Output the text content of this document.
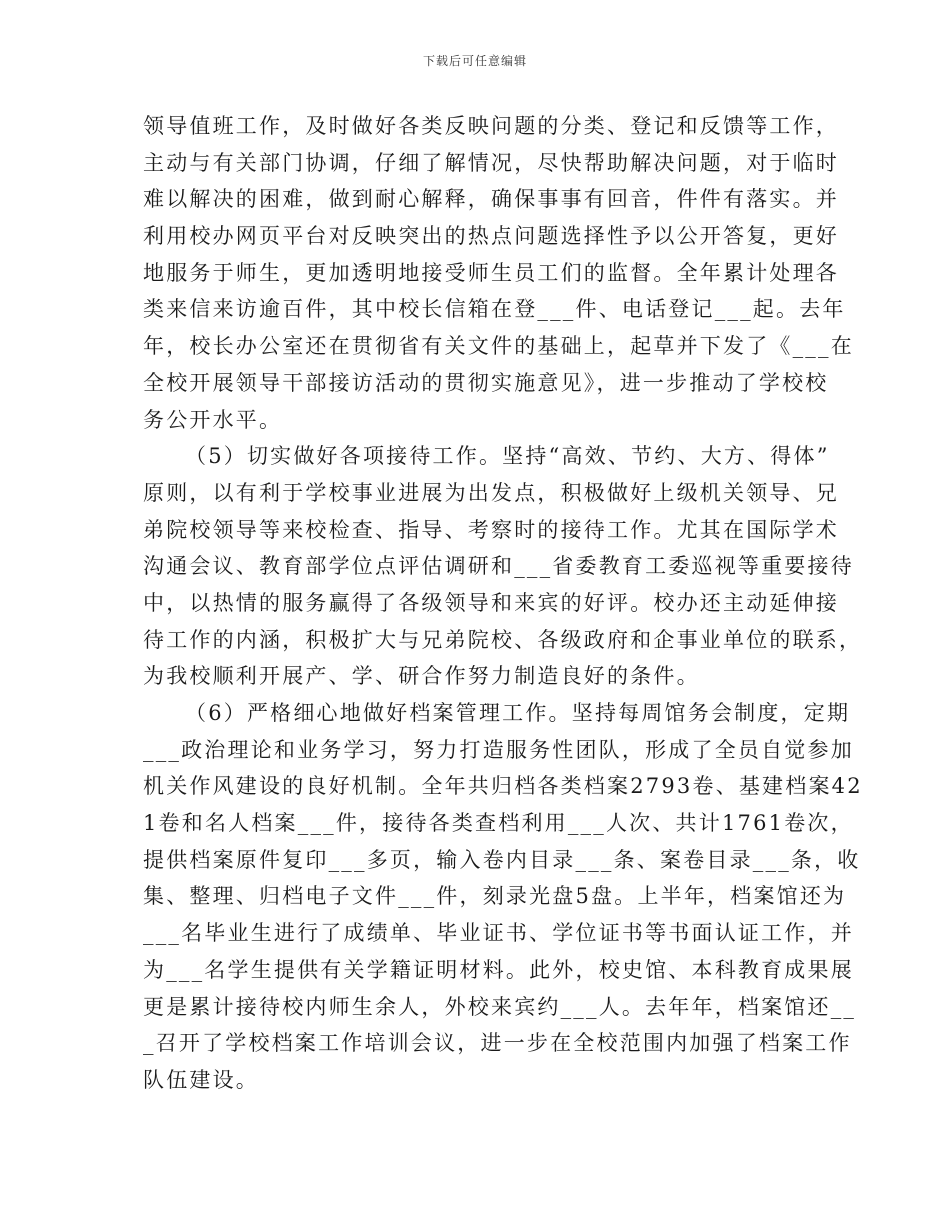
下载后可任意编辑
领导值班工作，及时做好各类反映问题的分类、登记和反馈等工作，
主动与有关部门协调，仔细了解情况，尽快帮助解决问题，对于临时
难以解决的困难，做到耐心解释，确保事事有回音，件件有落实。并
利用校办网页平台对反映突出的热点问题选择性予以公开答复，更好
地服务于师生，更加透明地接受师生员工们的监督。全年累计处理各
类来信来访逾百件，其中校长信箱在登___件、电话登记___起。去年
年，校长办公室还在贯彻省有关文件的基础上，起草并下发了《___在
全校开展领导干部接访活动的贯彻实施意见》，进一步推动了学校校
务公开水平。
（5）切实做好各项接待工作。坚持“高效、节约、大方、得体”
原则，以有利于学校事业进展为出发点，积极做好上级机关领导、兄
弟院校领导等来校检查、指导、考察时的接待工作。尤其在国际学术
沟通会议、教育部学位点评估调研和___省委教育工委巡视等重要接待
中，以热情的服务赢得了各级领导和来宾的好评。校办还主动延伸接
待工作的内涵，积极扩大与兄弟院校、各级政府和企事业单位的联系，
为我校顺利开展产、学、研合作努力制造良好的条件。
（6）严格细心地做好档案管理工作。坚持每周馆务会制度，定期
___政治理论和业务学习，努力打造服务性团队，形成了全员自觉参加
机关作风建设的良好机制。全年共归档各类档案2793卷、基建档案42
1卷和名人档案___件，接待各类查档利用___人次、共计1761卷次，
提供档案原件复印___多页，输入卷内目录___条、案卷目录___条，收
集、整理、归档电子文件___件，刻录光盘5盘。上半年，档案馆还为
___名毕业生进行了成绩单、毕业证书、学位证书等书面认证工作，并
为___名学生提供有关学籍证明材料。此外，校史馆、本科教育成果展
更是累计接待校内师生余人，外校来宾约___人。去年年，档案馆还__
_召开了学校档案工作培训会议，进一步在全校范围内加强了档案工作
队伍建设。
